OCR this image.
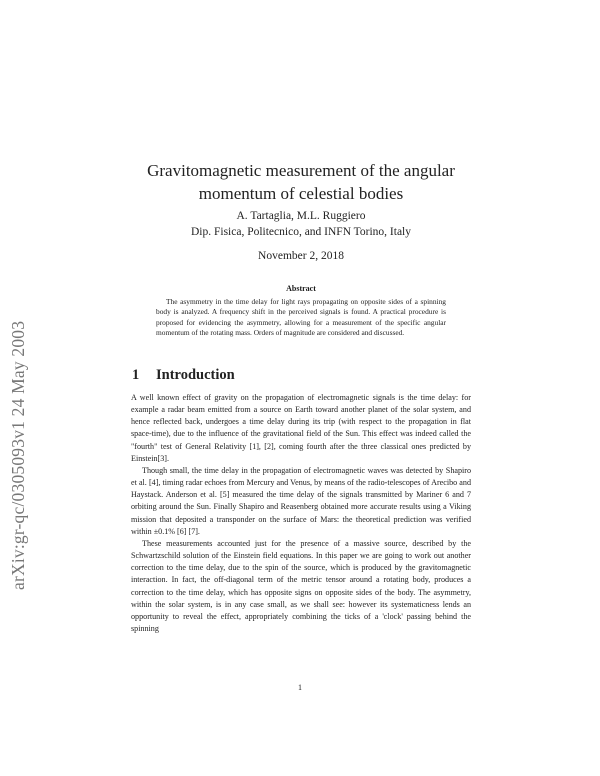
arXiv:gr-qc/0305093v1 24 May 2003
Gravitomagnetic measurement of the angular momentum of celestial bodies
A. Tartaglia, M.L. Ruggiero
Dip. Fisica, Politecnico, and INFN Torino, Italy
November 2, 2018
Abstract
The asymmetry in the time delay for light rays propagating on opposite sides of a spinning body is analyzed. A frequency shift in the perceived signals is found. A practical procedure is proposed for evidencing the asymmetry, allowing for a measurement of the specific angular momentum of the rotating mass. Orders of magnitude are considered and discussed.
1 Introduction

A well known effect of gravity on the propagation of electromagnetic signals is the time delay: for example a radar beam emitted from a source on Earth toward another planet of the solar system, and hence reflected back, undergoes a time delay during its trip (with respect to the propagation in flat space-time), due to the influence of the gravitational field of the Sun. This effect was indeed called the "fourth" test of General Relativity [1], [2], coming fourth after the three classical ones predicted by Einstein[3].

Though small, the time delay in the propagation of electromagnetic waves was detected by Shapiro et al. [4], timing radar echoes from Mercury and Venus, by means of the radio-telescopes of Arecibo and Haystack. Anderson et al. [5] measured the time delay of the signals transmitted by Mariner 6 and 7 orbiting around the Sun. Finally Shapiro and Reasenberg obtained more accurate results using a Viking mission that deposited a transponder on the surface of Mars: the theoretical prediction was verified within ±0.1% [6] [7].

These measurements accounted just for the presence of a massive source, described by the Schwartzschild solution of the Einstein field equations. In this paper we are going to work out another correction to the time delay, due to the spin of the source, which is produced by the gravitomagnetic interaction. In fact, the off-diagonal term of the metric tensor around a rotating body, produces a correction to the time delay, which has opposite signs on opposite sides of the body. The asymmetry, within the solar system, is in any case small, as we shall see: however its systematicness lends an opportunity to reveal the effect, appropriately combining the ticks of a 'clock' passing behind the spinning

1
